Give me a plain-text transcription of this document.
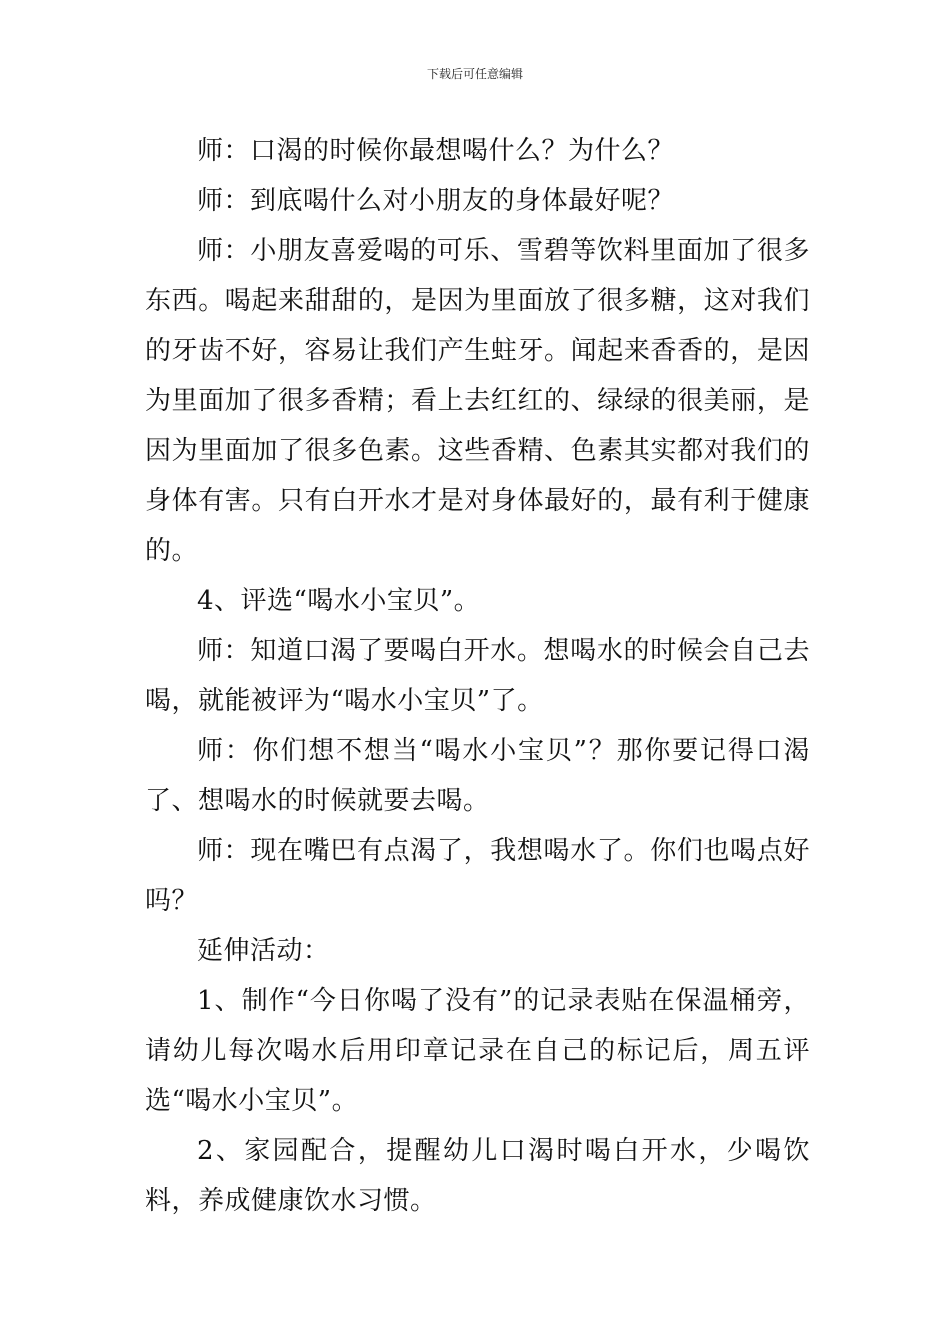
下载后可任意编辑

师：口渴的时候你最想喝什么？为什么？

师：到底喝什么对小朋友的身体最好呢？

师：小朋友喜爱喝的可乐、雪碧等饮料里面加了很多东西。喝起来甜甜的，是因为里面放了很多糖，这对我们的牙齿不好，容易让我们产生蛀牙。闻起来香香的，是因为里面加了很多香精；看上去红红的、绿绿的很美丽，是因为里面加了很多色素。这些香精、色素其实都对我们的身体有害。只有白开水才是对身体最好的，最有利于健康的。

4、评选“喝水小宝贝”。

师：知道口渴了要喝白开水。想喝水的时候会自己去喝，就能被评为“喝水小宝贝”了。

师：你们想不想当“喝水小宝贝”？那你要记得口渴了、想喝水的时候就要去喝。

师：现在嘴巴有点渴了，我想喝水了。你们也喝点好吗？

延伸活动：

1、制作“今日你喝了没有”的记录表贴在保温桶旁，请幼儿每次喝水后用印章记录在自己的标记后，周五评选“喝水小宝贝”。

2、家园配合，提醒幼儿口渴时喝白开水，少喝饮料，养成健康饮水习惯。
